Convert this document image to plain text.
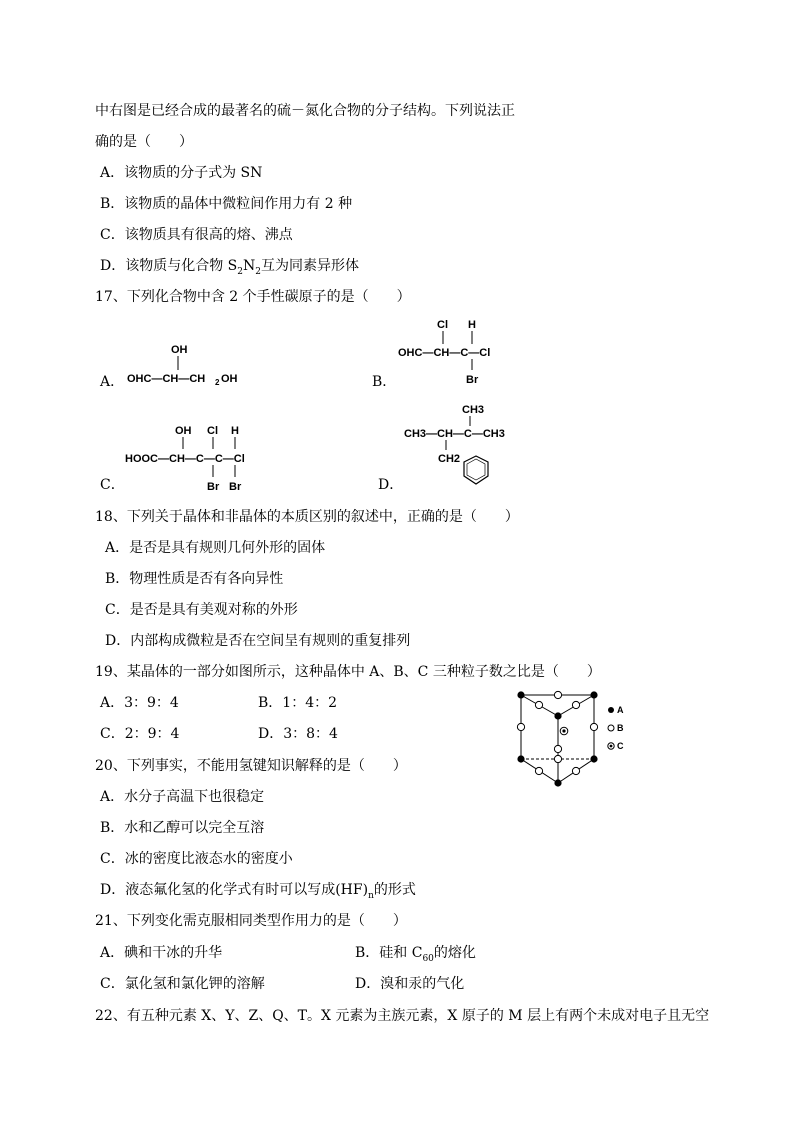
中右图是已经合成的最著名的硫－氮化合物的分子结构。下列说法正
确的是（　　）
A．该物质的分子式为 SN
B．该物质的晶体中微粒间作用力有 2 种
C．该物质具有很高的熔、沸点
D．该物质与化合物 $S_2N_2$互为同素异形体
17、下列化合物中含 2 个手性碳原子的是（　　）
A．	B．
C．	D．
OH
OHC—CH—CH 2 OH
Cl H
OHC—CH—C—Cl
Br
OH Cl H
HOOC—CH—C—C—Cl
Br Br
CH3
CH3—CH—C—CH3
CH2
18、下列关于晶体和非晶体的本质区别的叙述中，正确的是（　　）
A．是否是具有规则几何外形的固体
B．物理性质是否有各向异性
C．是否是具有美观对称的外形
D．内部构成微粒是否在空间呈有规则的重复排列
19、某晶体的一部分如图所示，这种晶体中 A、B、C 三种粒子数之比是（　　）
A．3：9：4	B．1：4：2
C．2：9：4	D．3：8：4
A
B
C
20、下列事实，不能用氢键知识解释的是（　　）
A．水分子高温下也很稳定
B．水和乙醇可以完全互溶
C．冰的密度比液态水的密度小
D．液态氟化氢的化学式有时可以写成$(HF)_n$的形式
21、下列变化需克服相同类型作用力的是（　　）
A．碘和干冰的升华	B．硅和 $C_{60}$的熔化
C．氯化氢和氯化钾的溶解	D．溴和汞的气化
22、有五种元素 X、Y、Z、Q、T。X 元素为主族元素，X 原子的 M 层上有两个未成对电子且无空
